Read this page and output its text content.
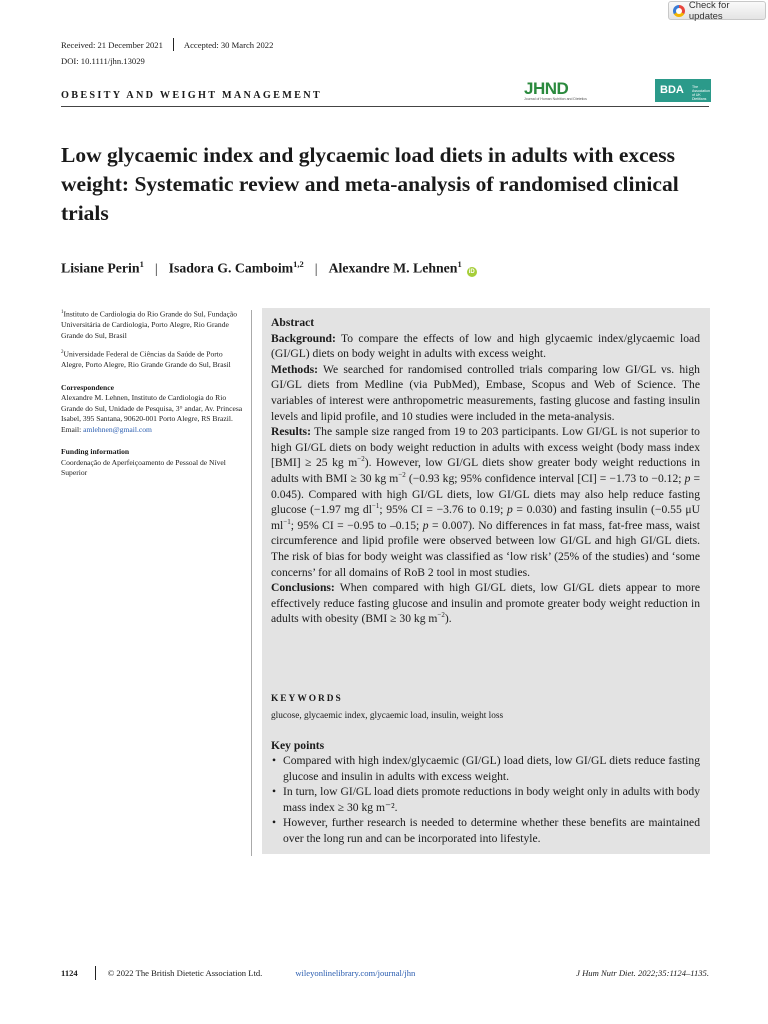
Check for updates
Received: 21 December 2021 Accepted: 30 March 2022
DOI: 10.1111/jhn.13029
OBESITY AND WEIGHT MANAGEMENT	JHND
Journal of Human Nutrition and Dietetics
BDA The Association of UK Dietitians
Low glycaemic index and glycaemic load diets in adults with excess weight: Systematic review and meta-analysis of randomised clinical trials
Lisiane Perin$^1$ | Isadora G. Camboim$^{1,2}$ | Alexandre M. Lehnen$^1$
iD

$^1$Instituto de Cardiologia do Rio Grande do Sul, Fundação Universitária de Cardiologia, Porto Alegre, Rio Grande Grande do Sul, Brasil

$^2$Universidade Federal de Ciências da Saúde de Porto Alegre, Porto Alegre, Rio Grande Grande do Sul, Brasil

Correspondence

Alexandre M. Lehnen, Instituto de Cardiologia do Rio Grande do Sul, Unidade de Pesquisa, 3° andar, Av. Princesa Isabel, 395 Santana, 90620-001 Porto Alegre, RS Brazil.
Email: amlehnen@gmail.com

Funding information

Coordenação de Aperfeiçoamento de Pessoal de Nível Superior

Abstract
Background: To compare the effects of low and high glycaemic index/glycaemic load (GI/GL) diets on body weight in adults with excess weight.
Methods: We searched for randomised controlled trials comparing low GI/GL vs. high GI/GL diets from Medline (via PubMed), Embase, Scopus and Web of Science. The variables of interest were anthropometric measurements, fasting glucose and fasting insulin levels and lipid profile, and 10 studies were included in the meta-analysis.
Results: The sample size ranged from 19 to 203 participants. Low GI/GL is not superior to high GI/GL diets on body weight reduction in adults with excess weight (body mass index [BMI] ≥ 25 kg $m^{-2}$). However, low GI/GL diets show greater body weight reductions in adults with BMI ≥ 30 kg $m^{-2}$ (−0.93 kg; 95% confidence interval [CI] = −1.73 to −0.12; p = 0.045). Compared with high GI/GL diets, low GI/GL diets may also help reduce fasting glucose (−1.97 mg $dl^{-1}$; 95% CI = −3.76 to 0.19; p = 0.030) and fasting insulin (−0.55 μU $ml^{-1}$; 95% CI = −0.95 to –0.15; p = 0.007). No differences in fat mass, fat-free mass, waist circumference and lipid profile were observed between low GI/GL and high GI/GL diets. The risk of bias for body weight was classified as ‘low risk’ (25% of the studies) and ‘some concerns’ for all domains of RoB 2 tool in most studies.
Conclusions: When compared with high GI/GL diets, low GI/GL diets appear to more effectively reduce fasting glucose and insulin and promote greater body weight reduction in adults with obesity (BMI ≥ 30 kg $m^{-2}$).
KEYWORDS
glucose, glycaemic index, glycaemic load, insulin, weight loss
Key points
• Compared with high index/glycaemic (GI/GL) load diets, low GI/GL diets reduce fasting glucose and insulin in adults with excess weight.
• In turn, low GI/GL load diets promote reductions in body weight only in adults with body mass index ≥ 30 kg m⁻².
• However, further research is needed to determine whether these benefits are maintained over the long run and can be incorporated into lifestyle.
1124	© 2022 The British Dietetic Association Ltd.	wileyonlinelibrary.com/journal/jhn	J Hum Nutr Diet. 2022;35:1124–1135.
